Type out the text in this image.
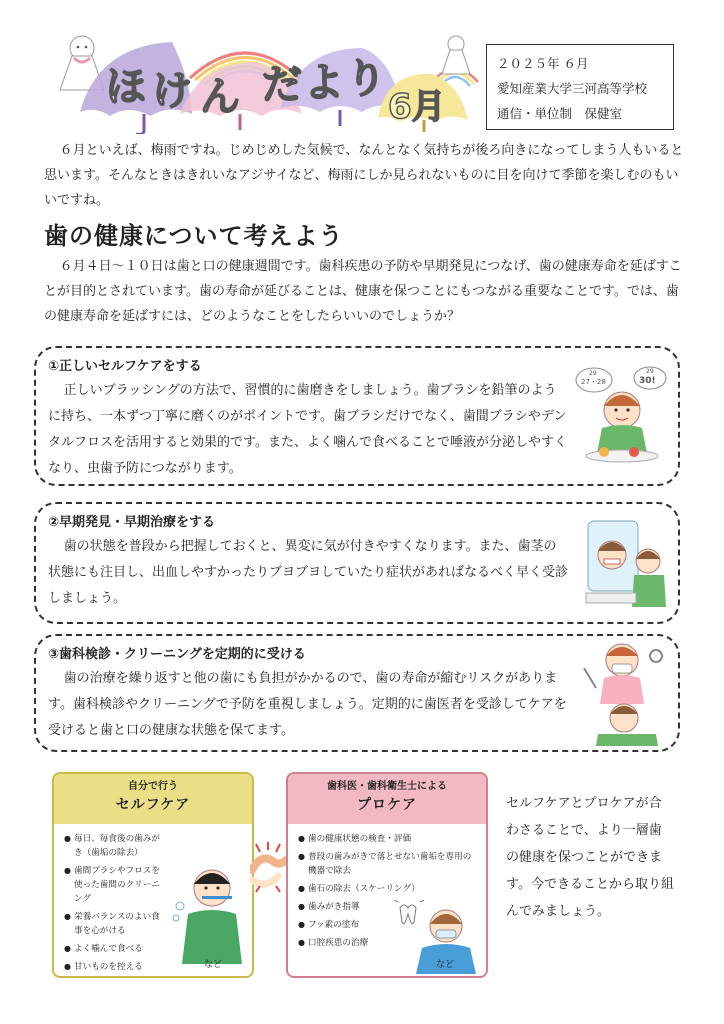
ほ け ん だ よ り
6月
２０２５年 ６月
愛知産業大学三河高等学校
通信・単位制　保健室

６月といえば、梅雨ですね。じめじめした気候で、なんとなく気持ちが後ろ向きになってしまう人もいると思います。そんなときはきれいなアジサイなど、梅雨にしか見られないものに目を向けて季節を楽しむのもいいですね。

歯の健康について考えよう

６月４日～１０日は歯と口の健康週間です。歯科疾患の予防や早期発見につなげ、歯の健康寿命を延ばすことが目的とされています。歯の寿命が延びることは、健康を保つことにもつながる重要なことです。では、歯の健康寿命を延ばすには、どのようなことをしたらいいのでしょうか？

①正しいセルフケアをする

正しいブラッシングの方法で、習慣的に歯磨きをしましょう。歯ブラシを鉛筆のように持ち、一本ずつ丁寧に磨くのがポイントです。歯ブラシだけでなく、歯間ブラシやデンタルフロスを活用すると効果的です。また、よく噛んで食べることで唾液が分泌しやすくなり、虫歯予防につながります。

29
27・28
29
30!
②早期発見・早期治療をする

歯の状態を普段から把握しておくと、異変に気が付きやすくなります。また、歯茎の状態にも注目し、出血しやすかったりブヨブヨしていたり症状があればなるべく早く受診しましょう。

③歯科検診・クリーニングを定期的に受ける

歯の治療を繰り返すと他の歯にも負担がかかるので、歯の寿命が縮むリスクがあります。歯科検診やクリーニングで予防を重視しましょう。定期的に歯医者を受診してケアを受けると歯と口の健康な状態を保てます。

自分で行う
セルフケア
● 毎日、毎食後の歯みがき（歯垢の除去）
● 歯間ブラシやフロスを使った歯間のクリーニング
● 栄養バランスのよい食事を心がける
● よく噛んで食べる
● 甘いものを控える	など
歯科医・歯科衛生士による
プロケア
● 歯の健康状態の検査・評価
● 普段の歯みがきで落とせない歯垢を専用の機器で除去
● 歯石の除去（スケーリング）
● 歯みがき指導
● フッ素の塗布
● 口腔疾患の治療
など

セルフケアとプロケアが合わさることで、より一層歯の健康を保つことができます。今できることから取り組んでみましょう。
